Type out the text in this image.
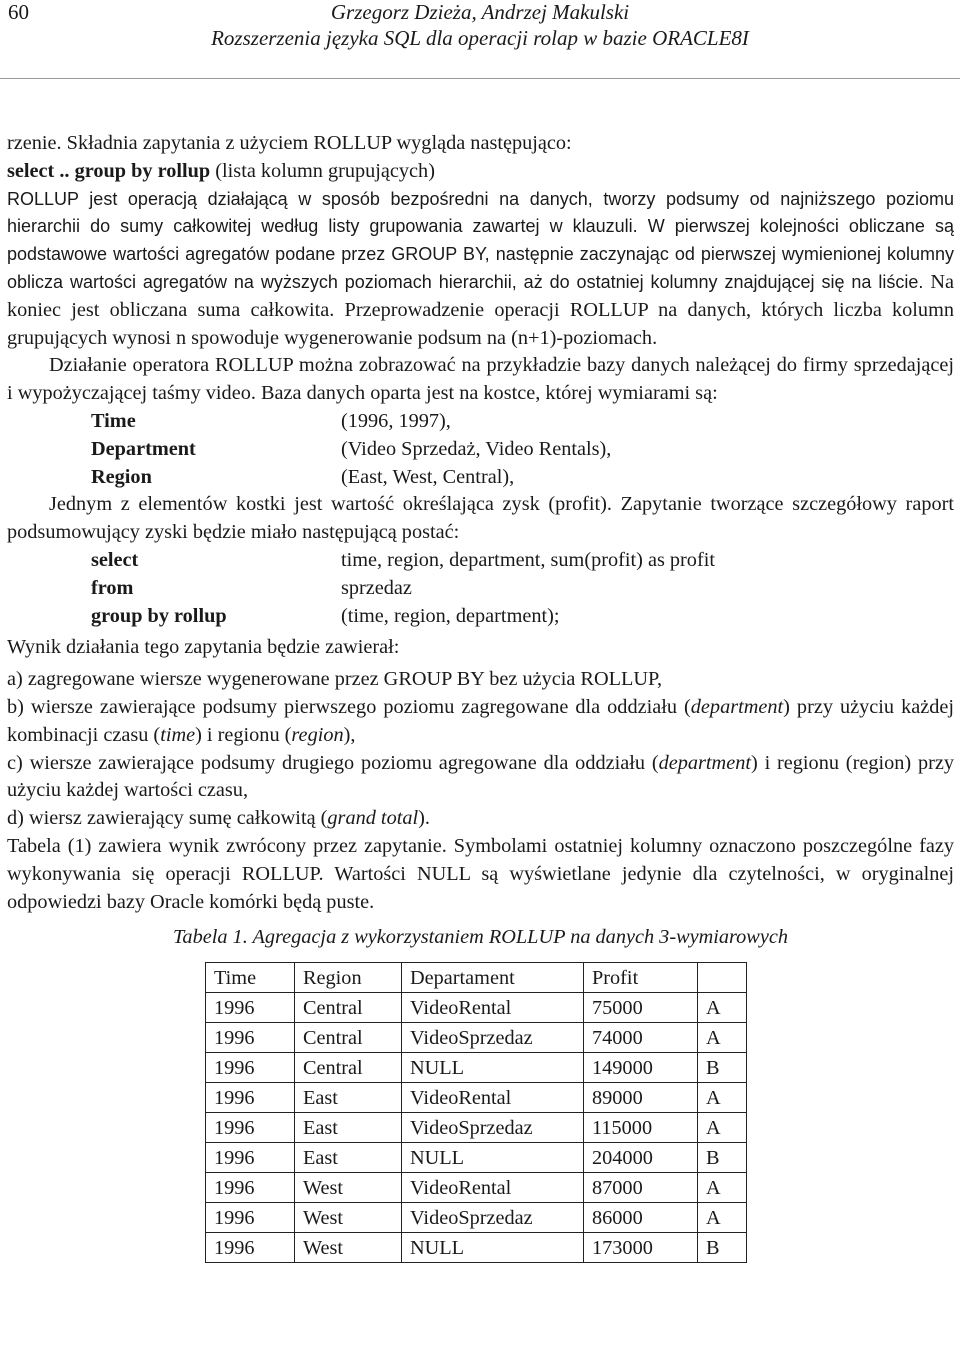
60	Grzegorz Dzieża, Andrzej Makulski
Rozszerzenia języka SQL dla operacji rolap w bazie ORACLE8I

rzenie. Składnia zapytania z użyciem ROLLUP wygląda następująco:

select .. group by rollup (lista kolumn grupujących)

ROLLUP jest operacją działającą w sposób bezpośredni na danych, tworzy podsumy od najniższego poziomu hierarchii do sumy całkowitej według listy grupowania zawartej w klauzuli. W pierwszej kolejności obliczane są podstawowe wartości agregatów podane przez GROUP BY, następnie zaczynając od pierwszej wymienionej kolumny oblicza wartości agregatów na wyższych poziomach hierarchii, aż do ostatniej kolumny znajdującej się na liście. Na koniec jest obliczana suma całkowita. Przeprowadzenie operacji ROLLUP na danych, których liczba kolumn grupujących wynosi n spowoduje wygenerowanie podsum na (n+1)-poziomach.

Działanie operatora ROLLUP można zobrazować na przykładzie bazy danych należącej do firmy sprzedającej i wypożyczającej taśmy video. Baza danych oparta jest na kostce, której wymiarami są:

Time	(1996, 1997),
Department	(Video Sprzedaż, Video Rentals),
Region	(East, West, Central),

Jednym z elementów kostki jest wartość określająca zysk (profit). Zapytanie tworzące szczegółowy raport podsumowujący zyski będzie miało następującą postać:

select	time, region, department, sum(profit) as profit
from	sprzedaz
group by rollup	(time, region, department);

Wynik działania tego zapytania będzie zawierał:

a) zagregowane wiersze wygenerowane przez GROUP BY bez użycia ROLLUP,

b) wiersze zawierające podsumy pierwszego poziomu zagregowane dla oddziału (department) przy użyciu każdej kombinacji czasu (time) i regionu (region),

c) wiersze zawierające podsumy drugiego poziomu agregowane dla oddziału (department) i regionu (region) przy użyciu każdej wartości czasu,

d) wiersz zawierający sumę całkowitą (grand total).

Tabela (1) zawiera wynik zwrócony przez zapytanie. Symbolami ostatniej kolumny oznaczono poszczególne fazy wykonywania się operacji ROLLUP. Wartości NULL są wyświetlane jedynie dla czytelności, w oryginalnej odpowiedzi bazy Oracle komórki będą puste.

Tabela 1. Agregacja z wykorzystaniem ROLLUP na danych 3-wymiarowych
Time	Region	Departament	Profit	
1996	Central	VideoRental	75000	A
1996	Central	VideoSprzedaz	74000	A
1996	Central	NULL	149000	B
1996	East	VideoRental	89000	A
1996	East	VideoSprzedaz	115000	A
1996	East	NULL	204000	B
1996	West	VideoRental	87000	A
1996	West	VideoSprzedaz	86000	A
1996	West	NULL	173000	B
